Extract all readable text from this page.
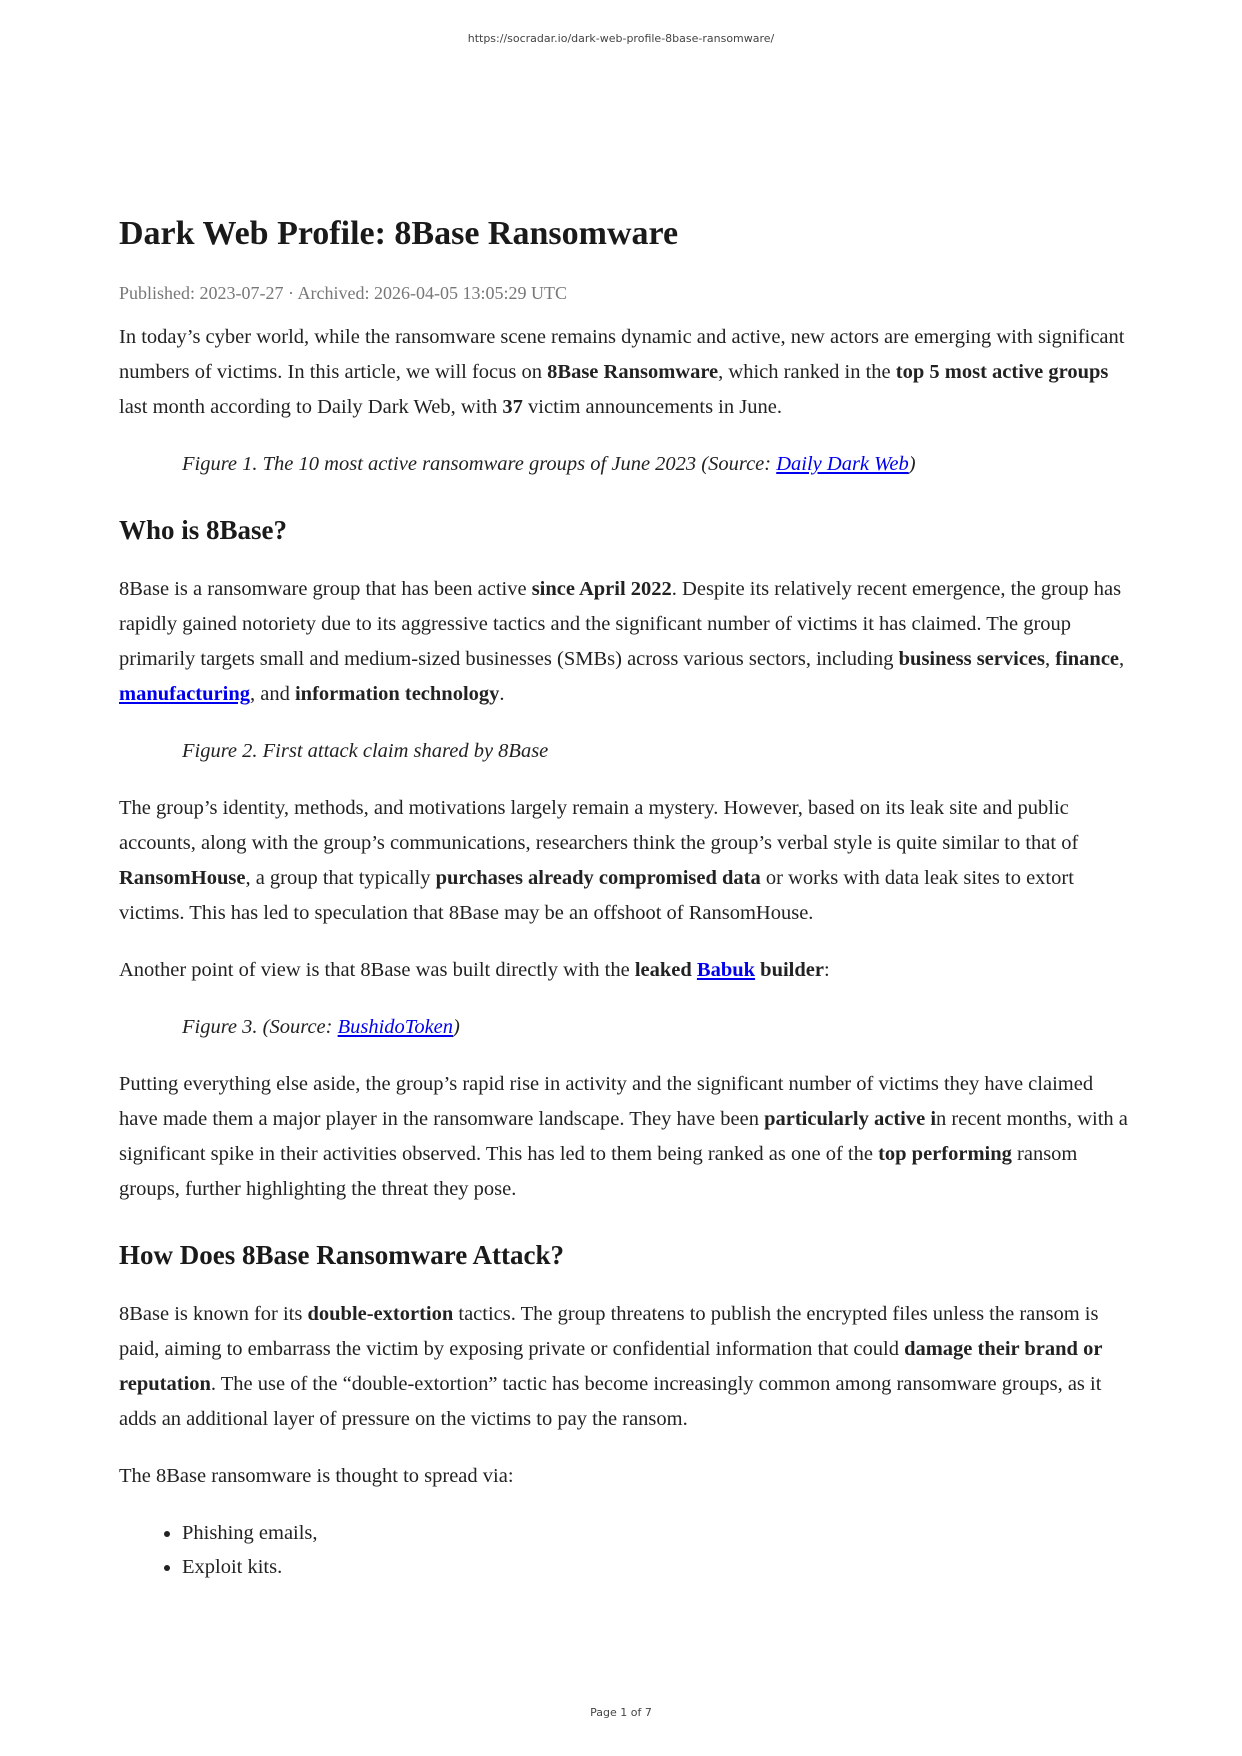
https://socradar.io/dark-web-profile-8base-ransomware/
Dark Web Profile: 8Base Ransomware
Published: 2023-07-27 · Archived: 2026-04-05 13:05:29 UTC

In today’s cyber world, while the ransomware scene remains dynamic and active, new actors are emerging with significant numbers of victims. In this article, we will focus on 8Base Ransomware, which ranked in the top 5 most active groups last month according to Daily Dark Web, with 37 victim announcements in June.

Figure 1. The 10 most active ransomware groups of June 2023 (Source: Daily Dark Web)

Who is 8Base?

8Base is a ransomware group that has been active since April 2022. Despite its relatively recent emergence, the group has rapidly gained notoriety due to its aggressive tactics and the significant number of victims it has claimed. The group primarily targets small and medium-sized businesses (SMBs) across various sectors, including business services, finance, manufacturing, and information technology.

Figure 2. First attack claim shared by 8Base

The group’s identity, methods, and motivations largely remain a mystery. However, based on its leak site and public accounts, along with the group’s communications, researchers think the group’s verbal style is quite similar to that of RansomHouse, a group that typically purchases already compromised data or works with data leak sites to extort victims. This has led to speculation that 8Base may be an offshoot of RansomHouse.

Another point of view is that 8Base was built directly with the leaked Babuk builder:

Figure 3. (Source: BushidoToken)

Putting everything else aside, the group’s rapid rise in activity and the significant number of victims they have claimed have made them a major player in the ransomware landscape. They have been particularly active in recent months, with a significant spike in their activities observed. This has led to them being ranked as one of the top performing ransom groups, further highlighting the threat they pose.

How Does 8Base Ransomware Attack?

8Base is known for its double-extortion tactics. The group threatens to publish the encrypted files unless the ransom is paid, aiming to embarrass the victim by exposing private or confidential information that could damage their brand or reputation. The use of the “double-extortion” tactic has become increasingly common among ransomware groups, as it adds an additional layer of pressure on the victims to pay the ransom.

The 8Base ransomware is thought to spread via:

• Phishing emails,
• Exploit kits.
Page 1 of 7
